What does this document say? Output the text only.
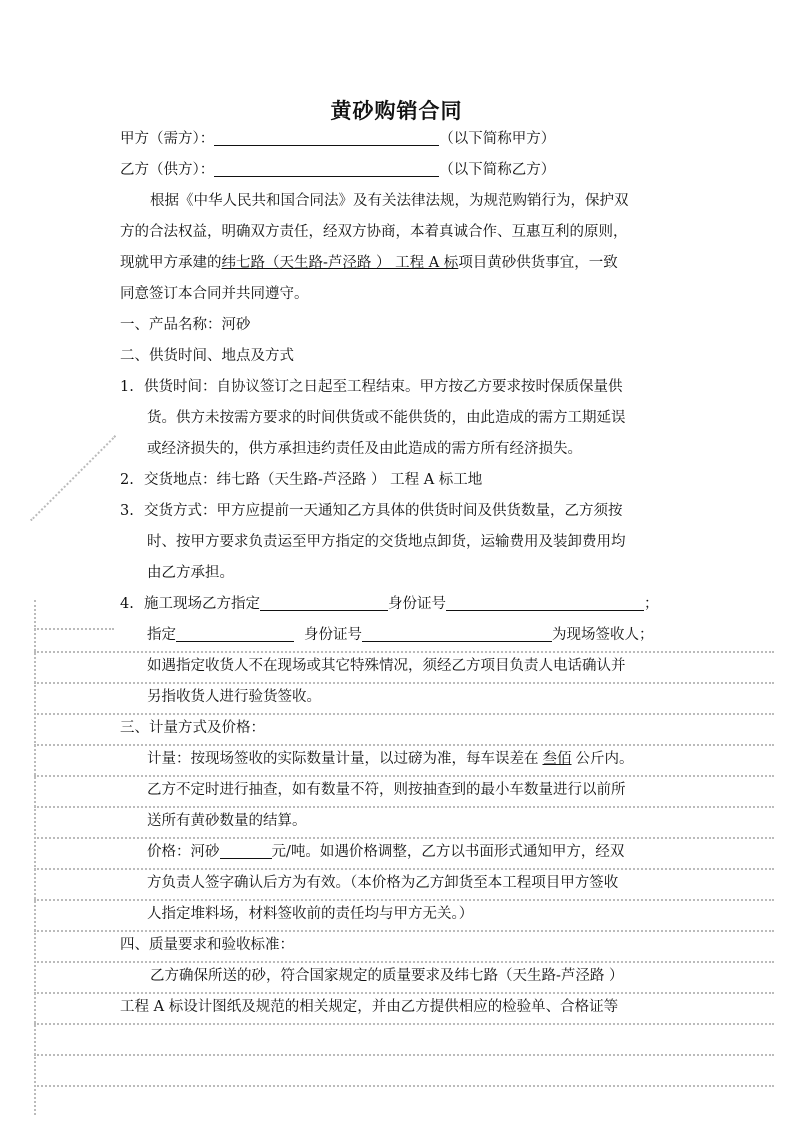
黄砂购销合同
甲方（需方）：	（以下简称甲方）
乙方（供方）：	（以下简称乙方）
根据《中华人民共和国合同法》及有关法律法规，为规范购销行为，保护双
方的合法权益，明确双方责任，经双方协商，本着真诚合作、互惠互利的原则，
现就甲方承建的纬七路（天生路-芦泾路 ） 工程 A 标项目黄砂供货事宜，一致
同意签订本合同并共同遵守。
一、产品名称：河砂
二、供货时间、地点及方式
1. 供货时间：自协议签订之日起至工程结束。甲方按乙方要求按时保质保量供
货。供方未按需方要求的时间供货或不能供货的，由此造成的需方工期延误
或经济损失的，供方承担违约责任及由此造成的需方所有经济损失。
2. 交货地点：纬七路（天生路-芦泾路 ） 工程 A 标工地
3. 交货方式：甲方应提前一天通知乙方具体的供货时间及供货数量，乙方须按
时、按甲方要求负责运至甲方指定的交货地点卸货，运输费用及装卸费用均
由乙方承担。
4. 施工现场乙方指定	身份证号	；
指定	身份证号	为现场签收人；
如遇指定收货人不在现场或其它特殊情况，须经乙方项目负责人电话确认并
另指收货人进行验货签收。
三、计量方式及价格：
计量：按现场签收的实际数量计量，以过磅为准，每车误差在 叁佰 公斤内。
乙方不定时进行抽查，如有数量不符，则按抽查到的最小车数量进行以前所
送所有黄砂数量的结算。
价格：河砂	元/吨。如遇价格调整，乙方以书面形式通知甲方，经双
方负责人签字确认后方为有效。（本价格为乙方卸货至本工程项目甲方签收
人指定堆料场，材料签收前的责任均与甲方无关。）
四、质量要求和验收标准：
乙方确保所送的砂，符合国家规定的质量要求及纬七路（天生路-芦泾路 ）
工程 A 标设计图纸及规范的相关规定，并由乙方提供相应的检验单、合格证等
